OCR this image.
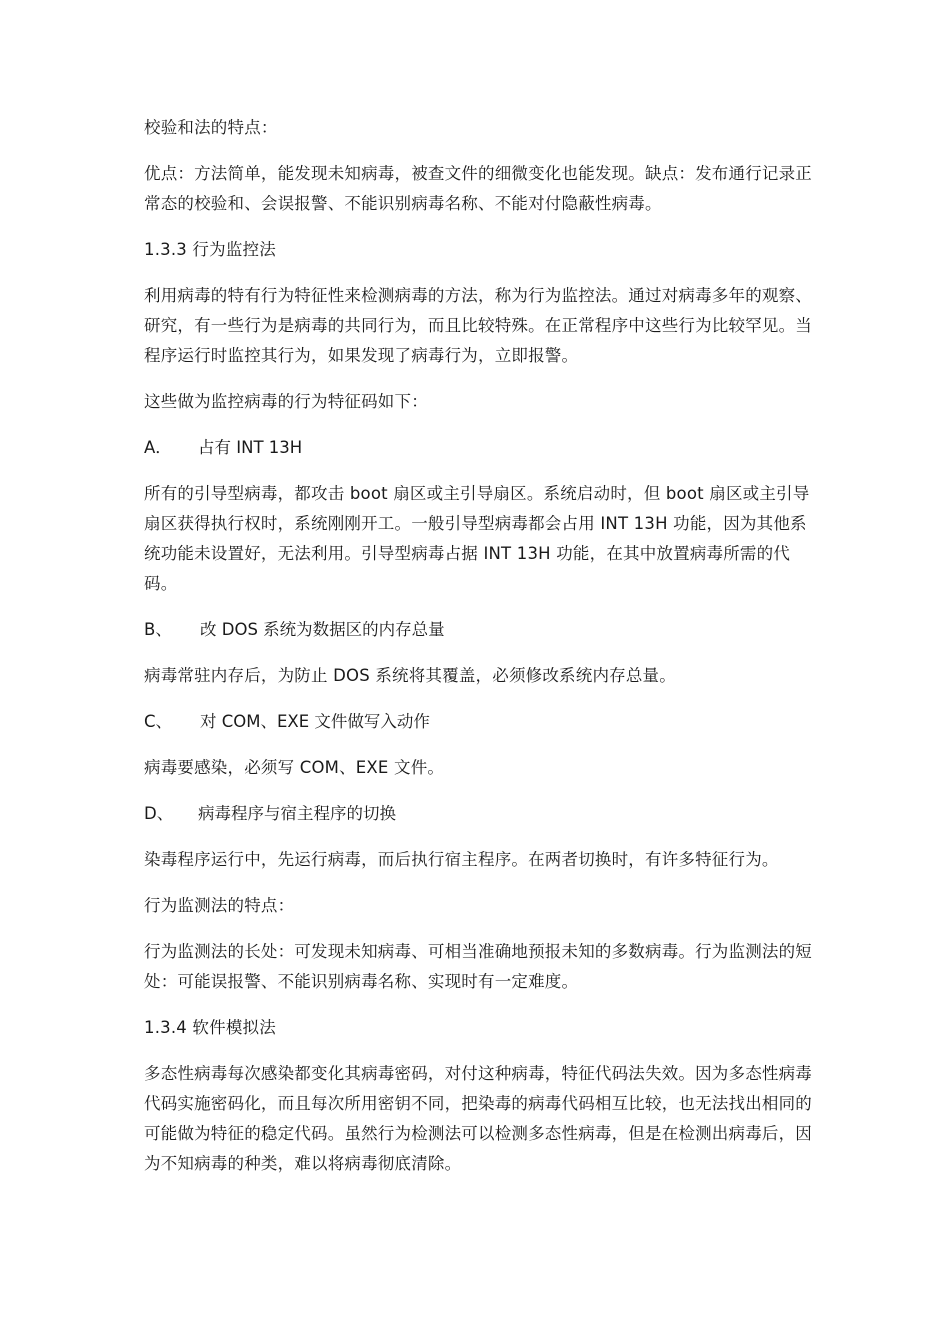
校验和法的特点：

优点：方法简单，能发现未知病毒，被查文件的细微变化也能发现。缺点：发布通行记录正常态的校验和、会误报警、不能识别病毒名称、不能对付隐蔽性病毒。

1.3.3 行为监控法

利用病毒的特有行为特征性来检测病毒的方法，称为行为监控法。通过对病毒多年的观察、研究，有一些行为是病毒的共同行为，而且比较特殊。在正常程序中这些行为比较罕见。当程序运行时监控其行为，如果发现了病毒行为，立即报警。

这些做为监控病毒的行为特征码如下：

A．	占有 INT 13H

所有的引导型病毒，都攻击 boot 扇区或主引导扇区。系统启动时，但 boot 扇区或主引导扇区获得执行权时，系统刚刚开工。一般引导型病毒都会占用 INT 13H 功能，因为其他系统功能未设置好，无法利用。引导型病毒占据 INT 13H 功能，在其中放置病毒所需的代码。

B、	改 DOS 系统为数据区的内存总量

病毒常驻内存后，为防止 DOS 系统将其覆盖，必须修改系统内存总量。

C、	对 COM、EXE 文件做写入动作

病毒要感染，必须写 COM、EXE 文件。

D、	病毒程序与宿主程序的切换

染毒程序运行中，先运行病毒，而后执行宿主程序。在两者切换时，有许多特征行为。

行为监测法的特点：

行为监测法的长处：可发现未知病毒、可相当准确地预报未知的多数病毒。行为监测法的短处：可能误报警、不能识别病毒名称、实现时有一定难度。

1.3.4 软件模拟法

多态性病毒每次感染都变化其病毒密码，对付这种病毒，特征代码法失效。因为多态性病毒代码实施密码化，而且每次所用密钥不同，把染毒的病毒代码相互比较，也无法找出相同的可能做为特征的稳定代码。虽然行为检测法可以检测多态性病毒，但是在检测出病毒后，因为不知病毒的种类，难以将病毒彻底清除。
